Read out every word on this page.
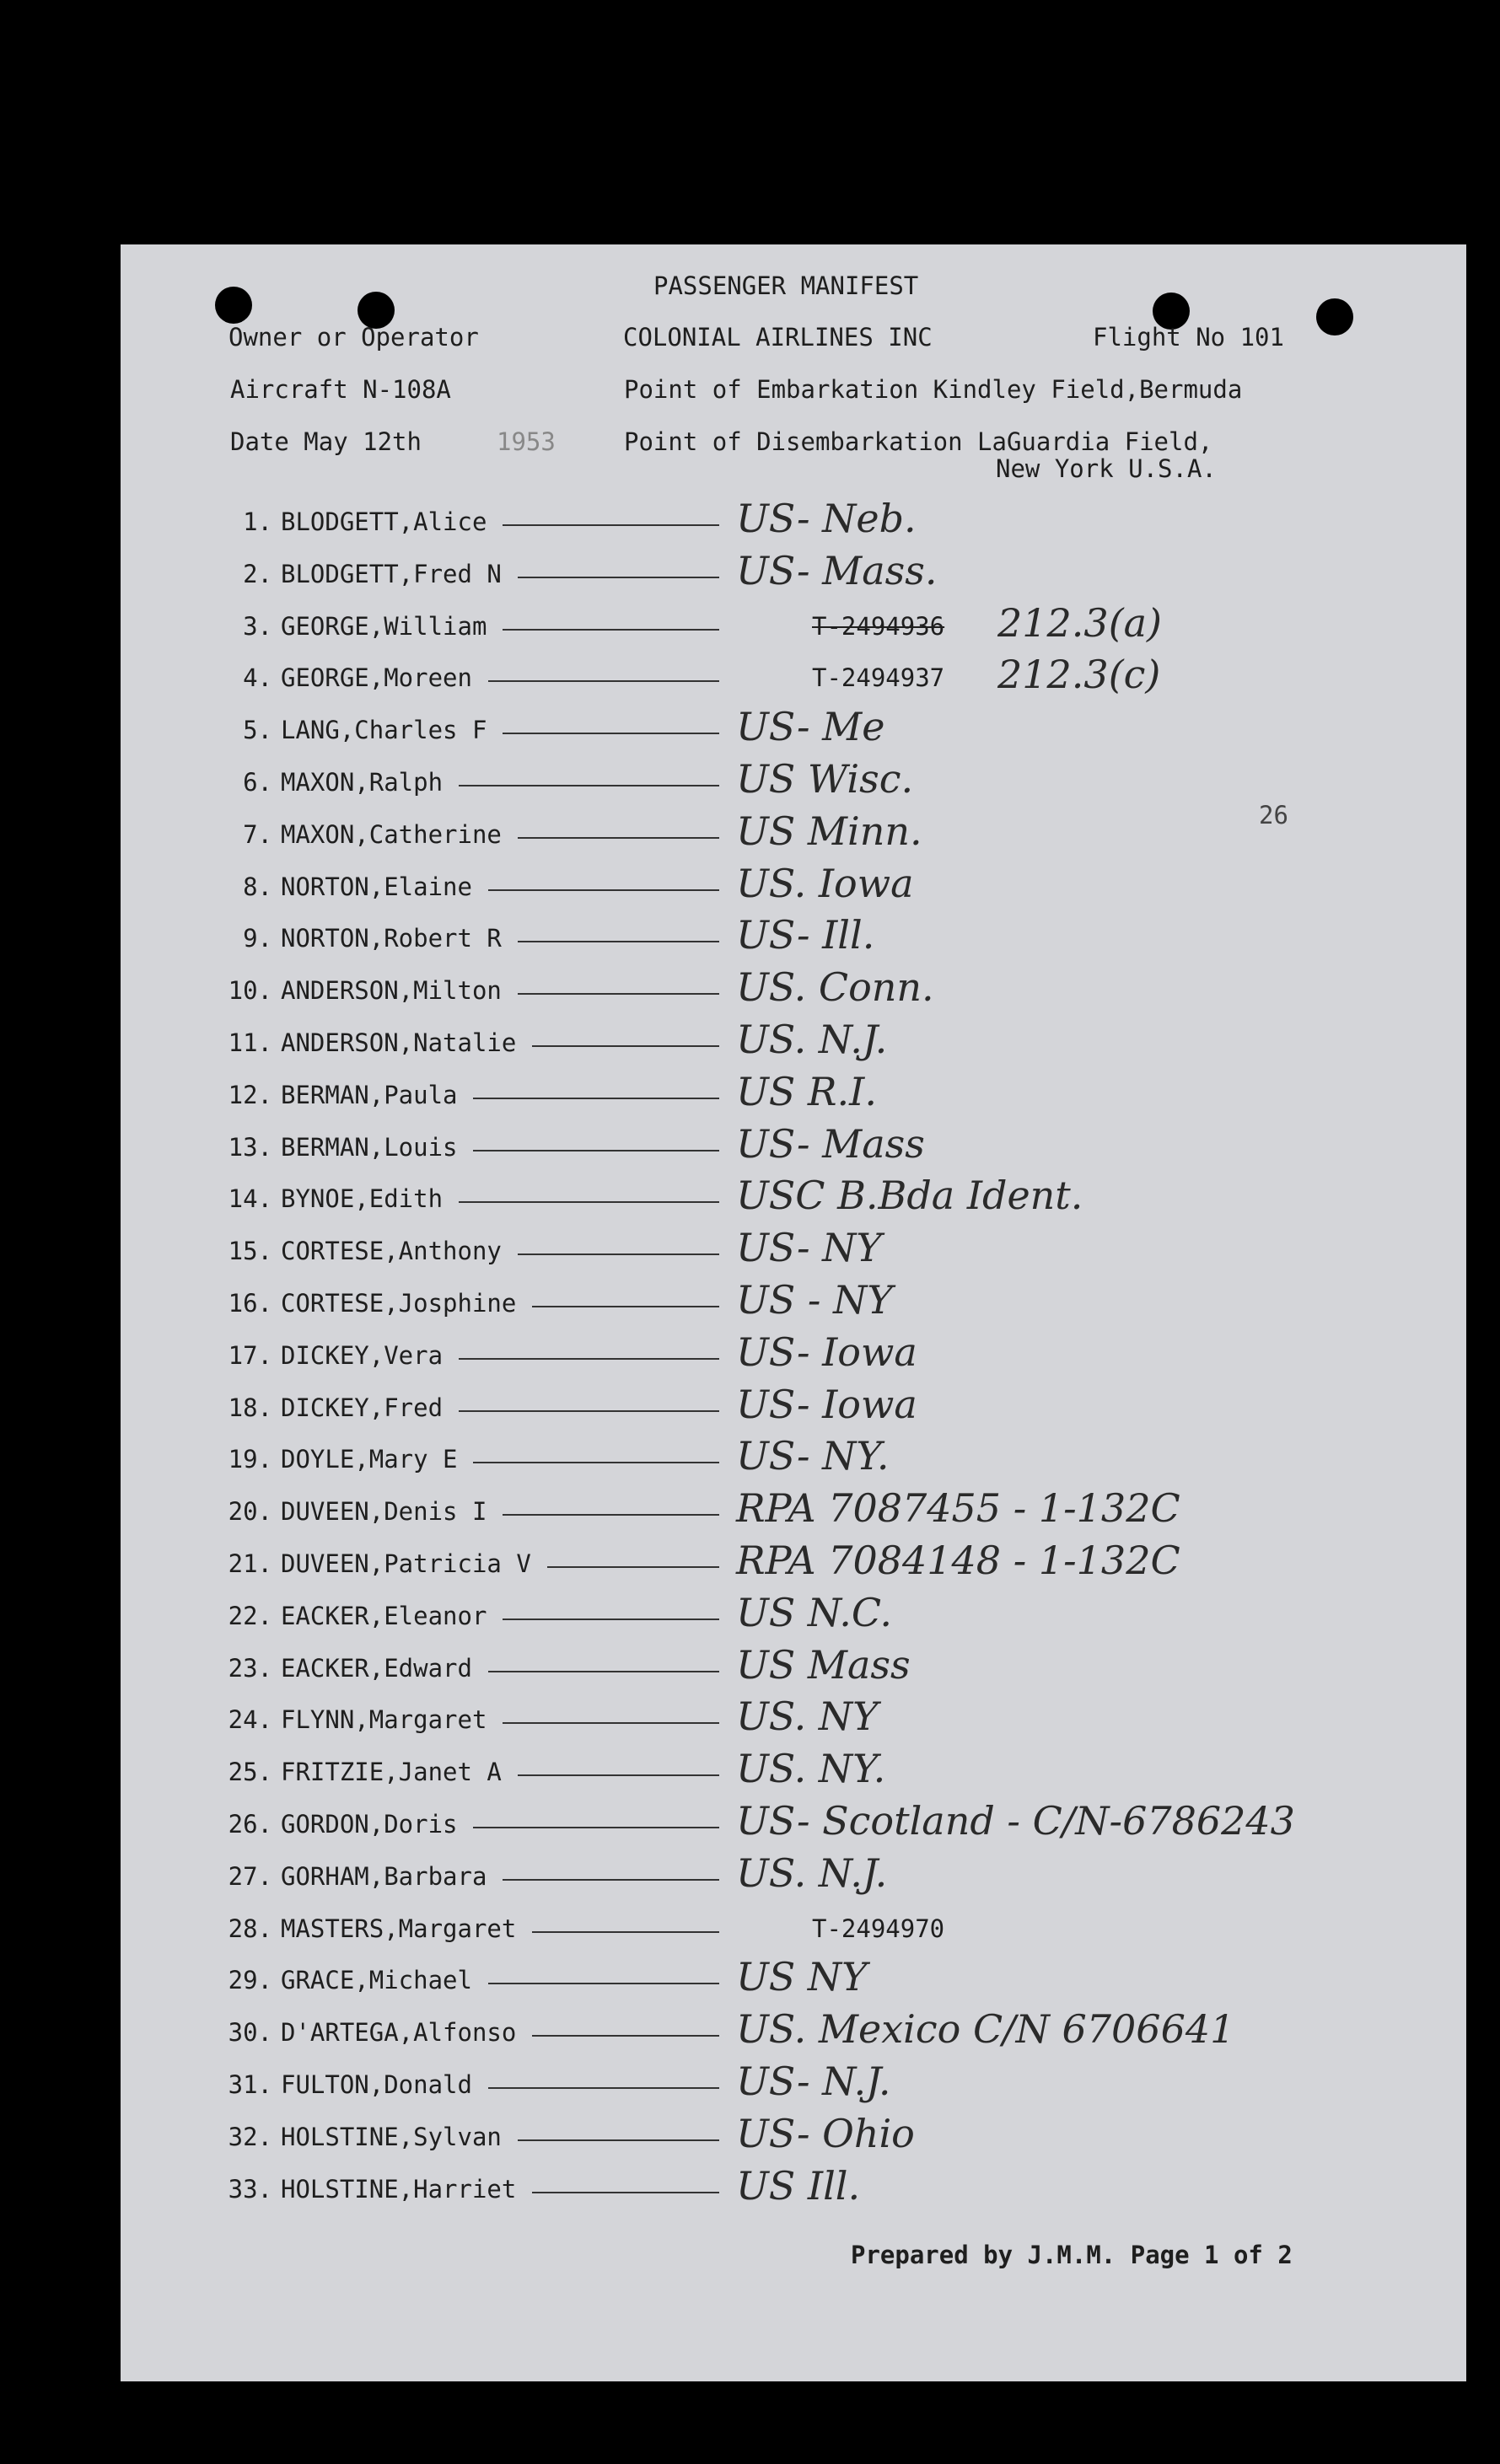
PASSENGER MANIFEST
Owner or Operator	COLONIAL AIRLINES INC	Flight No 101
Aircraft N-108A	Point of Embarkation Kindley Field,Bermuda
Date May 12th	1953	Point of Disembarkation LaGuardia Field,
New York U.S.A.
26
1. BLODGETT,Alice	US- Neb.
2. BLODGETT,Fred N	US- Mass.
3. GEORGE,William	T-2494936 212.3(a)
4. GEORGE,Moreen	T-2494937 212.3(c)
5. LANG,Charles F	US- Me
6. MAXON,Ralph	US Wisc.
7. MAXON,Catherine	US Minn.
8. NORTON,Elaine	US. Iowa
9. NORTON,Robert R	US- Ill.
10. ANDERSON,Milton	US. Conn.
11. ANDERSON,Natalie	US. N.J.
12. BERMAN,Paula	US R.I.
13. BERMAN,Louis	US- Mass
14. BYNOE,Edith	USC B.Bda Ident.
15. CORTESE,Anthony	US- NY
16. CORTESE,Josphine	US - NY
17. DICKEY,Vera	US- Iowa
18. DICKEY,Fred	US- Iowa
19. DOYLE,Mary E	US- NY.
20. DUVEEN,Denis I	RPA 7087455 - 1-132C
21. DUVEEN,Patricia V	RPA 7084148 - 1-132C
22. EACKER,Eleanor	US N.C.
23. EACKER,Edward	US Mass
24. FLYNN,Margaret	US. NY
25. FRITZIE,Janet A	US. NY.
26. GORDON,Doris	US- Scotland - C/N-6786243
27. GORHAM,Barbara	US. N.J.
28. MASTERS,Margaret	T-2494970
29. GRACE,Michael	US NY
30. D'ARTEGA,Alfonso	US. Mexico C/N 6706641
31. FULTON,Donald	US- N.J.
32. HOLSTINE,Sylvan	US- Ohio
33. HOLSTINE,Harriet	US Ill.
Prepared by J.M.M. Page 1 of 2
